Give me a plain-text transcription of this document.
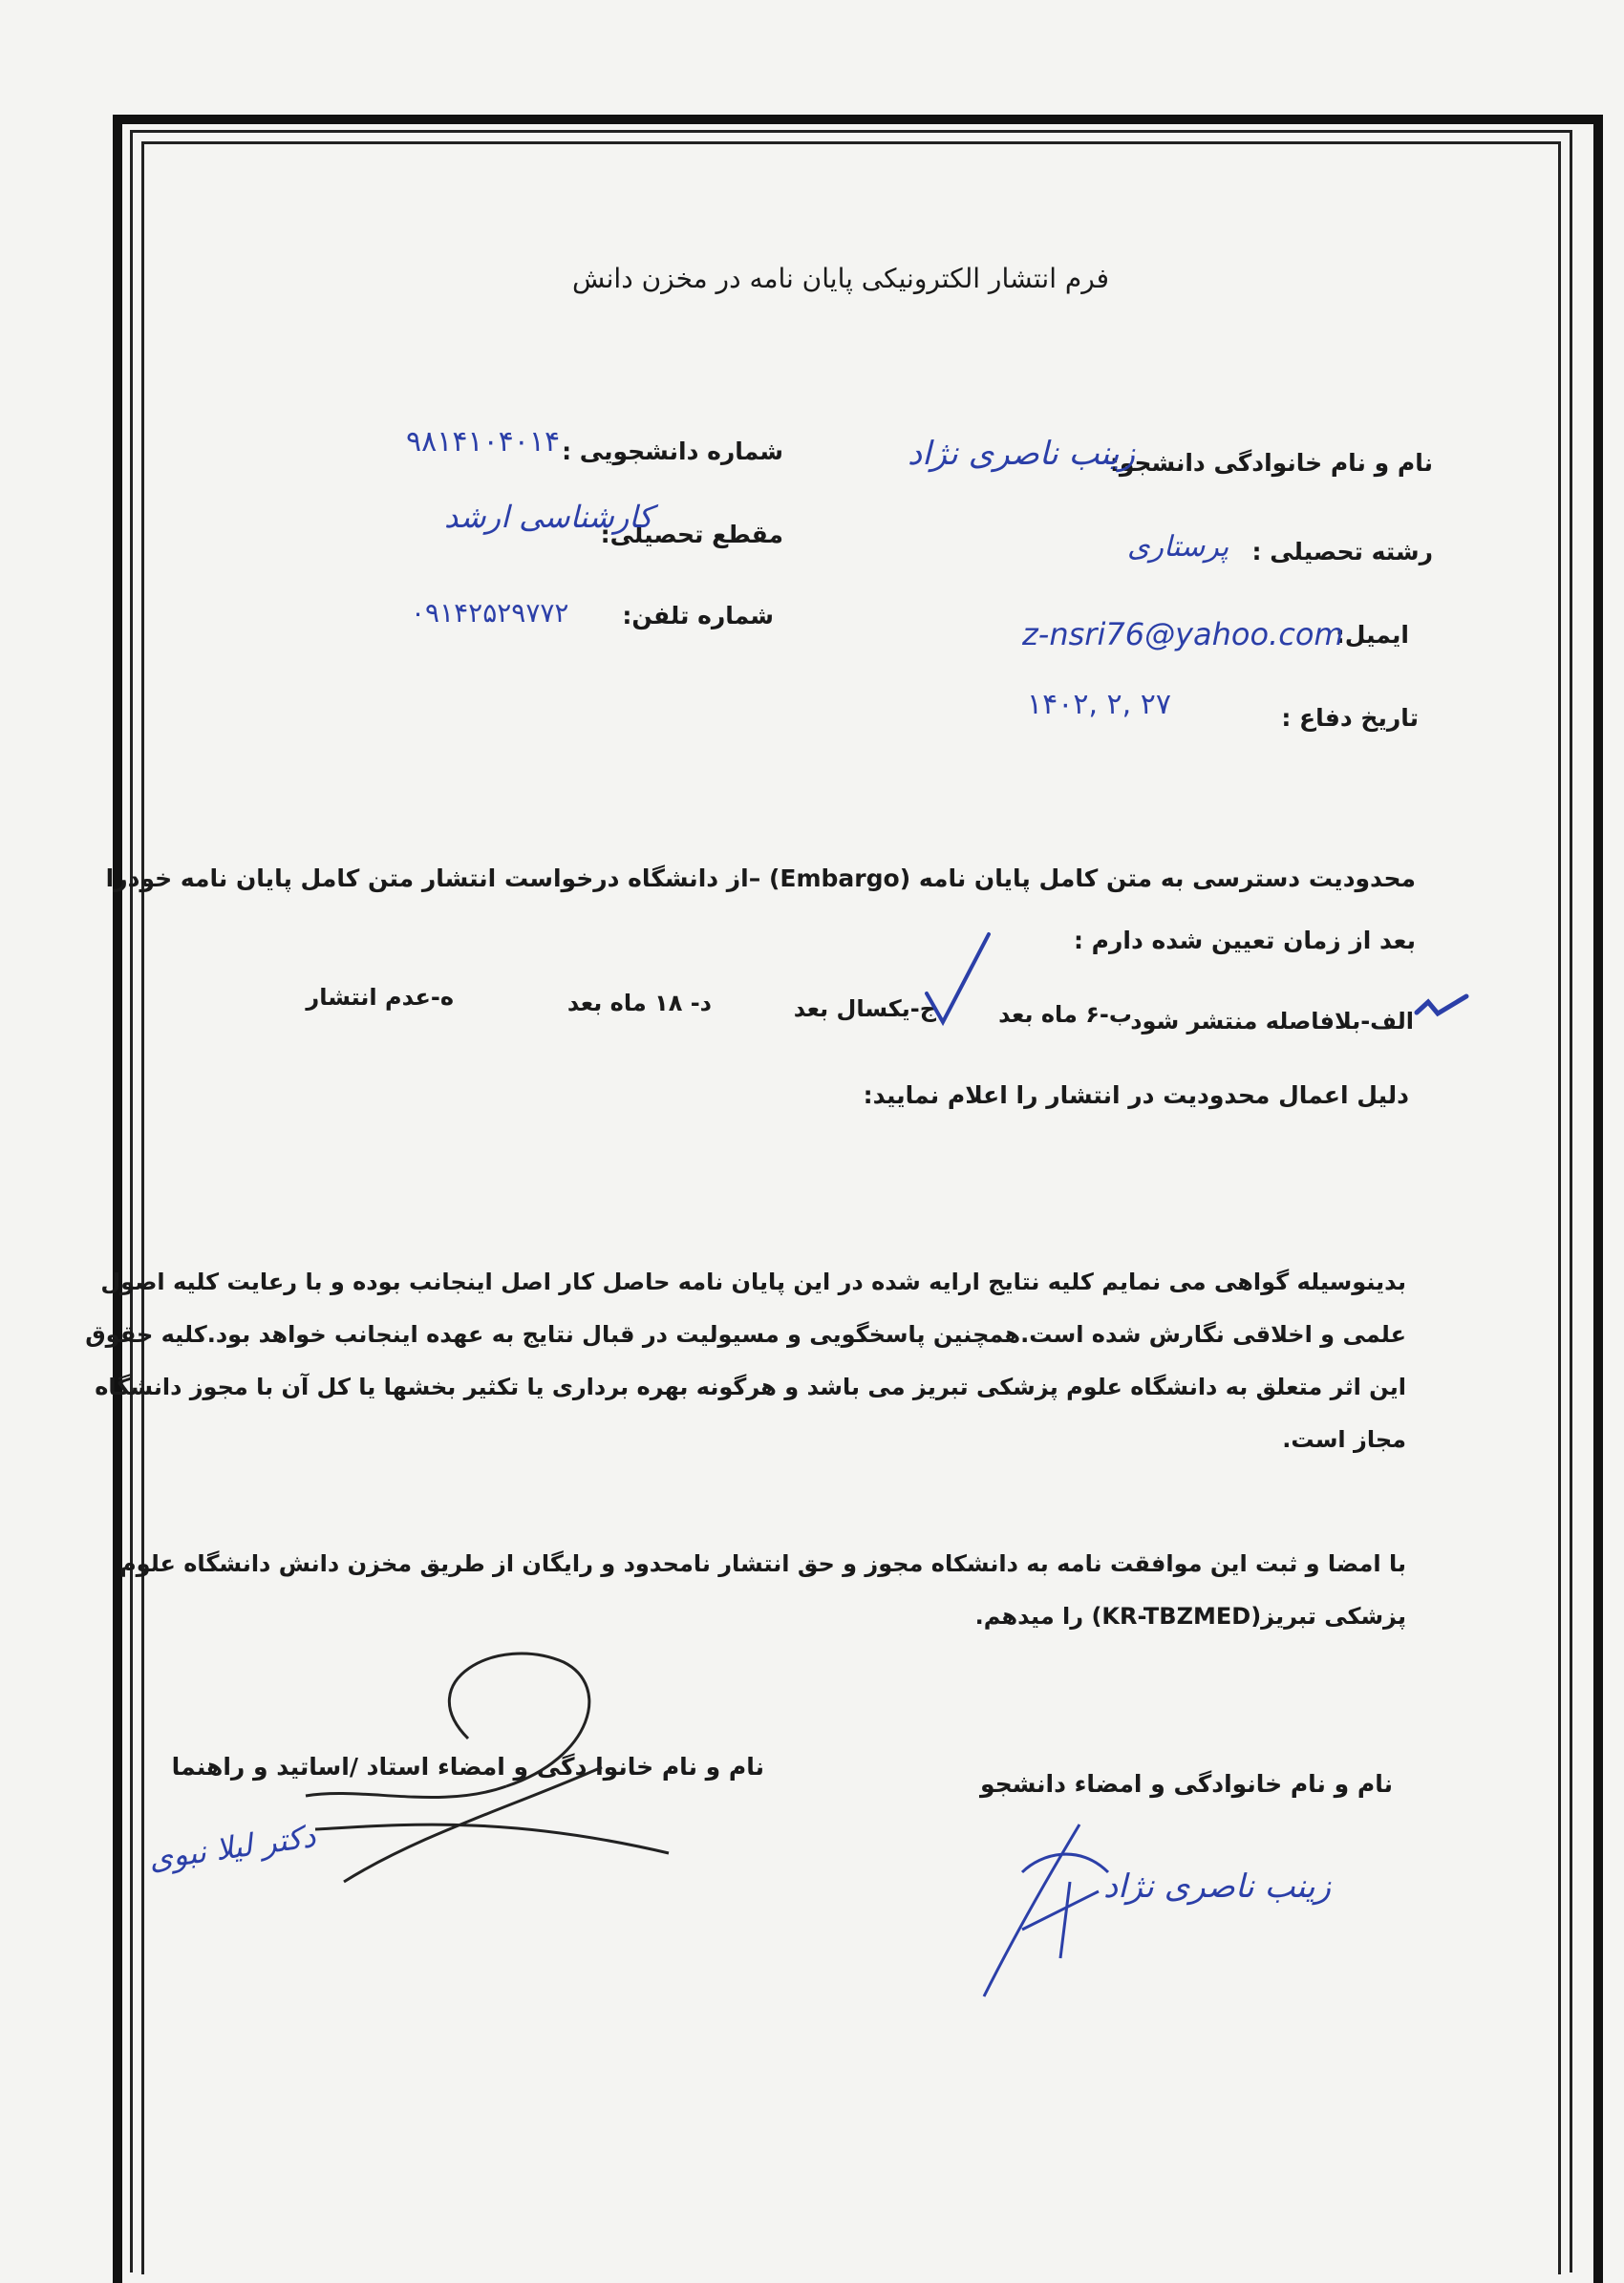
فرم انتشار الکترونیکی پایان نامه در مخزن دانش
نام و نام خانوادگی دانشجو:
زینب ناصری نژاد
شماره دانشجویی :
۹۸۱۴۱۰۴۰۱۴
مقطع تحصیلی:
کارشناسی ارشد
رشته تحصیلی :
پرستاری
شماره تلفن:
۰۹۱۴۲۵۲۹۷۷۲
ایمیل:
z-nsri76@yahoo.com
تاریخ دفاع :
۱۴۰۲, ۲, ۲۷
محدودیت دسترسی به متن کامل پایان نامه (Embargo) –از دانشگاه درخواست انتشار متن کامل پایان نامه خودرا
بعد از زمان تعیین شده دارم :
الف-بلافاصله منتشر شود
ب-۶ ماه بعد
ج-یکسال بعد
د- ۱۸ ماه بعد
ه-عدم انتشار
دلیل اعمال محدودیت در انتشار را اعلام نمایید:
بدینوسیله گواهی می نمایم کلیه نتایج ارایه شده در این پایان نامه حاصل کار اصل اینجانب بوده و با رعایت کلیه اصول
علمی و اخلاقی نگارش شده است.همچنین پاسخگویی و مسیولیت در قبال نتایج به عهده اینجانب خواهد بود.کلیه حقوق
این اثر متعلق به دانشگاه علوم پزشکی تبریز می باشد و هرگونه بهره برداری یا تکثیر بخشها یا کل آن با مجوز دانشگاه
مجاز است.
با امضا و ثبت این موافقت نامه به دانشکاه مجوز و حق انتشار نامحدود و رایگان از طریق مخزن دانش دانشگاه علوم
پزشکی تبریز(KR-TBZMED) را میدهم.
نام و نام خانوادگی و امضاء دانشجو
نام و نام خانوا دگی و امضاء استاد /اساتید و راهنما
زینب ناصری نژاد
دکتر لیلا نبوی
